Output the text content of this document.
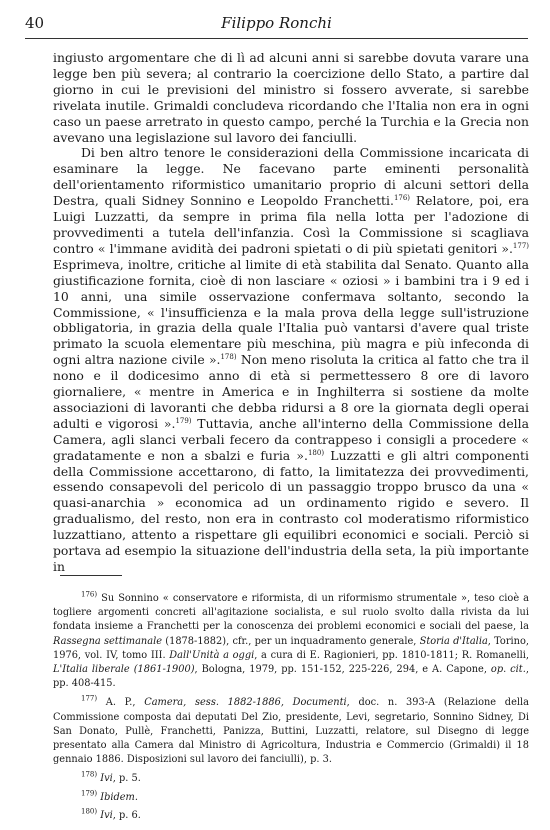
40	Filippo Ronchi

ingiusto argomentare che di lì ad alcuni anni si sarebbe dovuta varare una legge ben più severa; al contrario la coercizione dello Stato, a partire dal giorno in cui le previsioni del ministro si fossero avverate, si sarebbe rivelata inutile. Grimaldi concludeva ricordando che l'Italia non era in ogni caso un paese arretrato in questo campo, perché la Turchia e la Grecia non avevano una legislazione sul lavoro dei fanciulli.

Di ben altro tenore le considerazioni della Commissione incaricata di esaminare la legge. Ne facevano parte eminenti personalità dell'orientamento riformistico umanitario proprio di alcuni settori della Destra, quali Sidney Sonnino e Leopoldo Franchetti.$^{176)}$ Relatore, poi, era Luigi Luzzatti, da sempre in prima fila nella lotta per l'adozione di provvedimenti a tutela dell'infanzia. Così la Commissione si scagliava contro « l'immane avidità dei padroni spietati o di più spietati genitori ».$^{177)}$ Esprimeva, inoltre, critiche al limite di età stabilita dal Senato. Quanto alla giustificazione fornita, cioè di non lasciare « oziosi » i bambini tra i 9 ed i 10 anni, una simile osservazione confermava soltanto, secondo la Commissione, « l'insufficienza e la mala prova della legge sull'istruzione obbligatoria, in grazia della quale l'Italia può vantarsi d'avere qual triste primato la scuola elementare più meschina, più magra e più infeconda di ogni altra nazione civile ».$^{178)}$ Non meno risoluta la critica al fatto che tra il nono e il dodicesimo anno di età si permettessero 8 ore di lavoro giornaliere, « mentre in America e in Inghilterra si sostiene da molte associazioni di lavoranti che debba ridursi a 8 ore la giornata degli operai adulti e vigorosi ».$^{179)}$ Tuttavia, anche all'interno della Commissione della Camera, agli slanci verbali fecero da contrappeso i consigli a procedere « gradatamente e non a sbalzi e furia ».$^{180)}$ Luzzatti e gli altri componenti della Commissione accettarono, di fatto, la limitatezza dei provvedimenti, essendo consapevoli del pericolo di un passaggio troppo brusco da una « quasi-anarchia » economica ad un ordinamento rigido e severo. Il gradualismo, del resto, non era in contrasto col moderatismo riformistico luzzattiano, attento a rispettare gli equilibri economici e sociali. Perciò si portava ad esempio la situazione dell'industria della seta, la più importante in

$^{176)}$ Su Sonnino « conservatore e riformista, di un riformismo strumentale », teso cioè a togliere argomenti concreti all'agitazione socialista, e sul ruolo svolto dalla rivista da lui fondata insieme a Franchetti per la conoscenza dei problemi economici e sociali del paese, la Rassegna settimanale (1878-1882), cfr., per un inquadramento generale, Storia d'Italia, Torino, 1976, vol. IV, tomo III. Dall'Unità a oggi, a cura di E. Ragionieri, pp. 1810-1811; R. Romanelli, L'Italia liberale (1861-1900), Bologna, 1979, pp. 151-152, 225-226, 294, e A. Capone, op. cit., pp. 408-415.

$^{177)}$ A. P., Camera, sess. 1882-1886, Documenti, doc. n. 393-A (Relazione della Commissione composta dai deputati Del Zio, presidente, Levi, segretario, Sonnino Sidney, Di San Donato, Pullè, Franchetti, Panizza, Buttini, Luzzatti, relatore, sul Disegno di legge presentato alla Camera dal Ministro di Agricoltura, Industria e Commercio (Grimaldi) il 18 gennaio 1886. Disposizioni sul lavoro dei fanciulli), p. 3.

$^{178)}$ Ivi, p. 5.

$^{179)}$ Ibidem.

$^{180)}$ Ivi, p. 6.
